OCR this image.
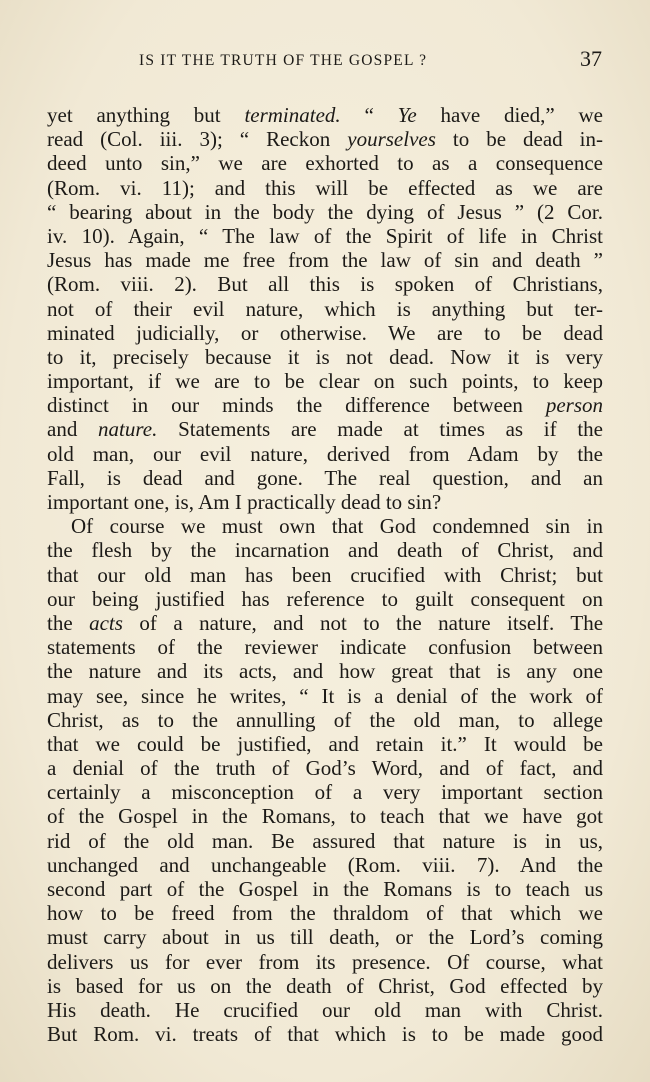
IS IT THE TRUTH OF THE GOSPEL ?	37
yet anything but terminated. “ Ye have died,” we
read (Col. iii. 3); “ Reckon yourselves to be dead in-
deed unto sin,” we are exhorted to as a consequence
(Rom. vi. 11); and this will be effected as we are
“ bearing about in the body the dying of Jesus ” (2 Cor.
iv. 10). Again, “ The law of the Spirit of life in Christ
Jesus has made me free from the law of sin and death ”
(Rom. viii. 2). But all this is spoken of Christians,
not of their evil nature, which is anything but ter-
minated judicially, or otherwise. We are to be dead
to it, precisely because it is not dead. Now it is very
important, if we are to be clear on such points, to keep
distinct in our minds the difference between person
and nature. Statements are made at times as if the
old man, our evil nature, derived from Adam by the
Fall, is dead and gone. The real question, and an
important one, is, Am I practically dead to sin?
Of course we must own that God condemned sin in
the flesh by the incarnation and death of Christ, and
that our old man has been crucified with Christ; but
our being justified has reference to guilt consequent on
the acts of a nature, and not to the nature itself. The
statements of the reviewer indicate confusion between
the nature and its acts, and how great that is any one
may see, since he writes, “ It is a denial of the work of
Christ, as to the annulling of the old man, to allege
that we could be justified, and retain it.” It would be
a denial of the truth of God’s Word, and of fact, and
certainly a misconception of a very important section
of the Gospel in the Romans, to teach that we have got
rid of the old man. Be assured that nature is in us,
unchanged and unchangeable (Rom. viii. 7). And the
second part of the Gospel in the Romans is to teach us
how to be freed from the thraldom of that which we
must carry about in us till death, or the Lord’s coming
delivers us for ever from its presence. Of course, what
is based for us on the death of Christ, God effected by
His death. He crucified our old man with Christ.
But Rom. vi. treats of that which is to be made good
